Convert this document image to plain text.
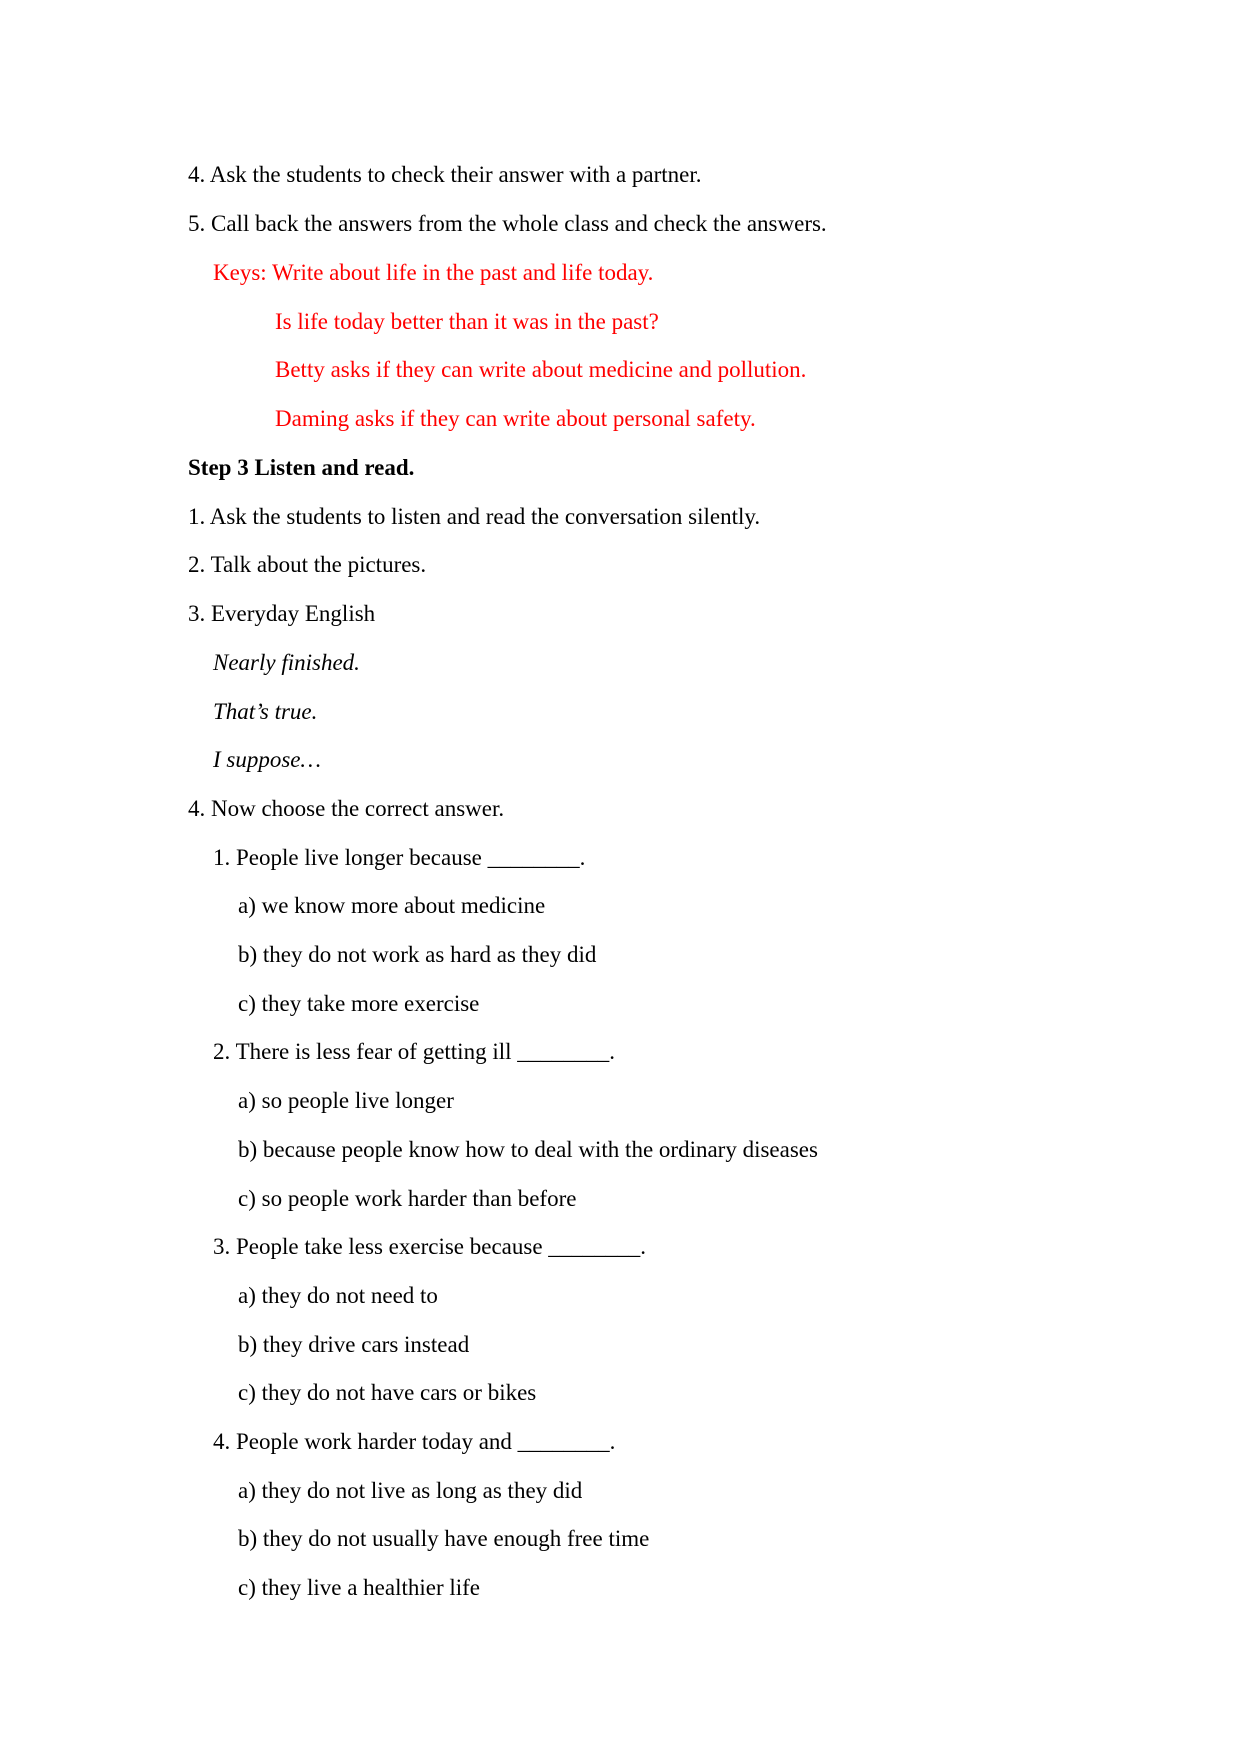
4. Ask the students to check their answer with a partner.
5. Call back the answers from the whole class and check the answers.
Keys: Write about life in the past and life today.
Is life today better than it was in the past?
Betty asks if they can write about medicine and pollution.
Daming asks if they can write about personal safety.
Step 3 Listen and read.
1. Ask the students to listen and read the conversation silently.
2. Talk about the pictures.
3. Everyday English
Nearly finished.
That’s true.
I suppose…
4. Now choose the correct answer.
1. People live longer because ________.
a) we know more about medicine
b) they do not work as hard as they did
c) they take more exercise
2. There is less fear of getting ill ________.
a) so people live longer
b) because people know how to deal with the ordinary diseases
c) so people work harder than before
3. People take less exercise because ________.
a) they do not need to
b) they drive cars instead
c) they do not have cars or bikes
4. People work harder today and ________.
a) they do not live as long as they did
b) they do not usually have enough free time
c) they live a healthier life
